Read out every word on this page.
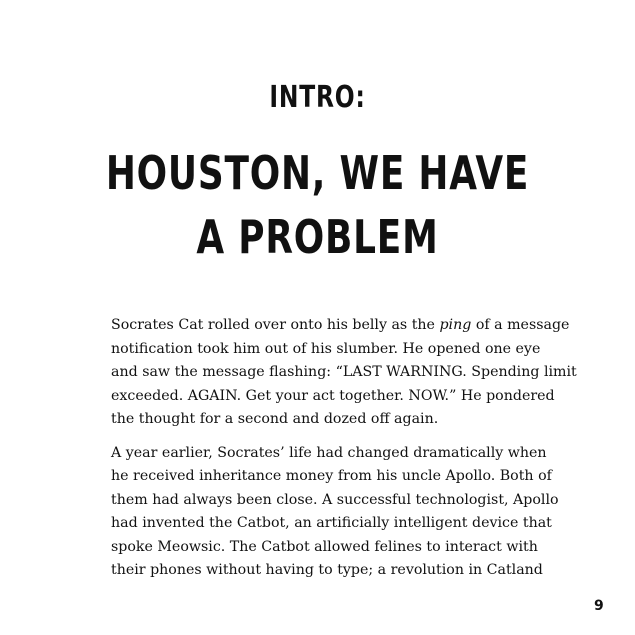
INTRO:
HOUSTON, WE HAVE
A PROBLEM

Socrates Cat rolled over onto his belly as the ping of a message
notification took him out of his slumber. He opened one eye
and saw the message flashing: “LAST WARNING. Spending limit
exceeded. AGAIN. Get your act together. NOW.” He pondered
the thought for a second and dozed off again.

A year earlier, Socrates’ life had changed dramatically when
he received inheritance money from his uncle Apollo. Both of
them had always been close. A successful technologist, Apollo
had invented the Catbot, an artificially intelligent device that
spoke Meowsic. The Catbot allowed felines to interact with
their phones without having to type; a revolution in Catland

9
